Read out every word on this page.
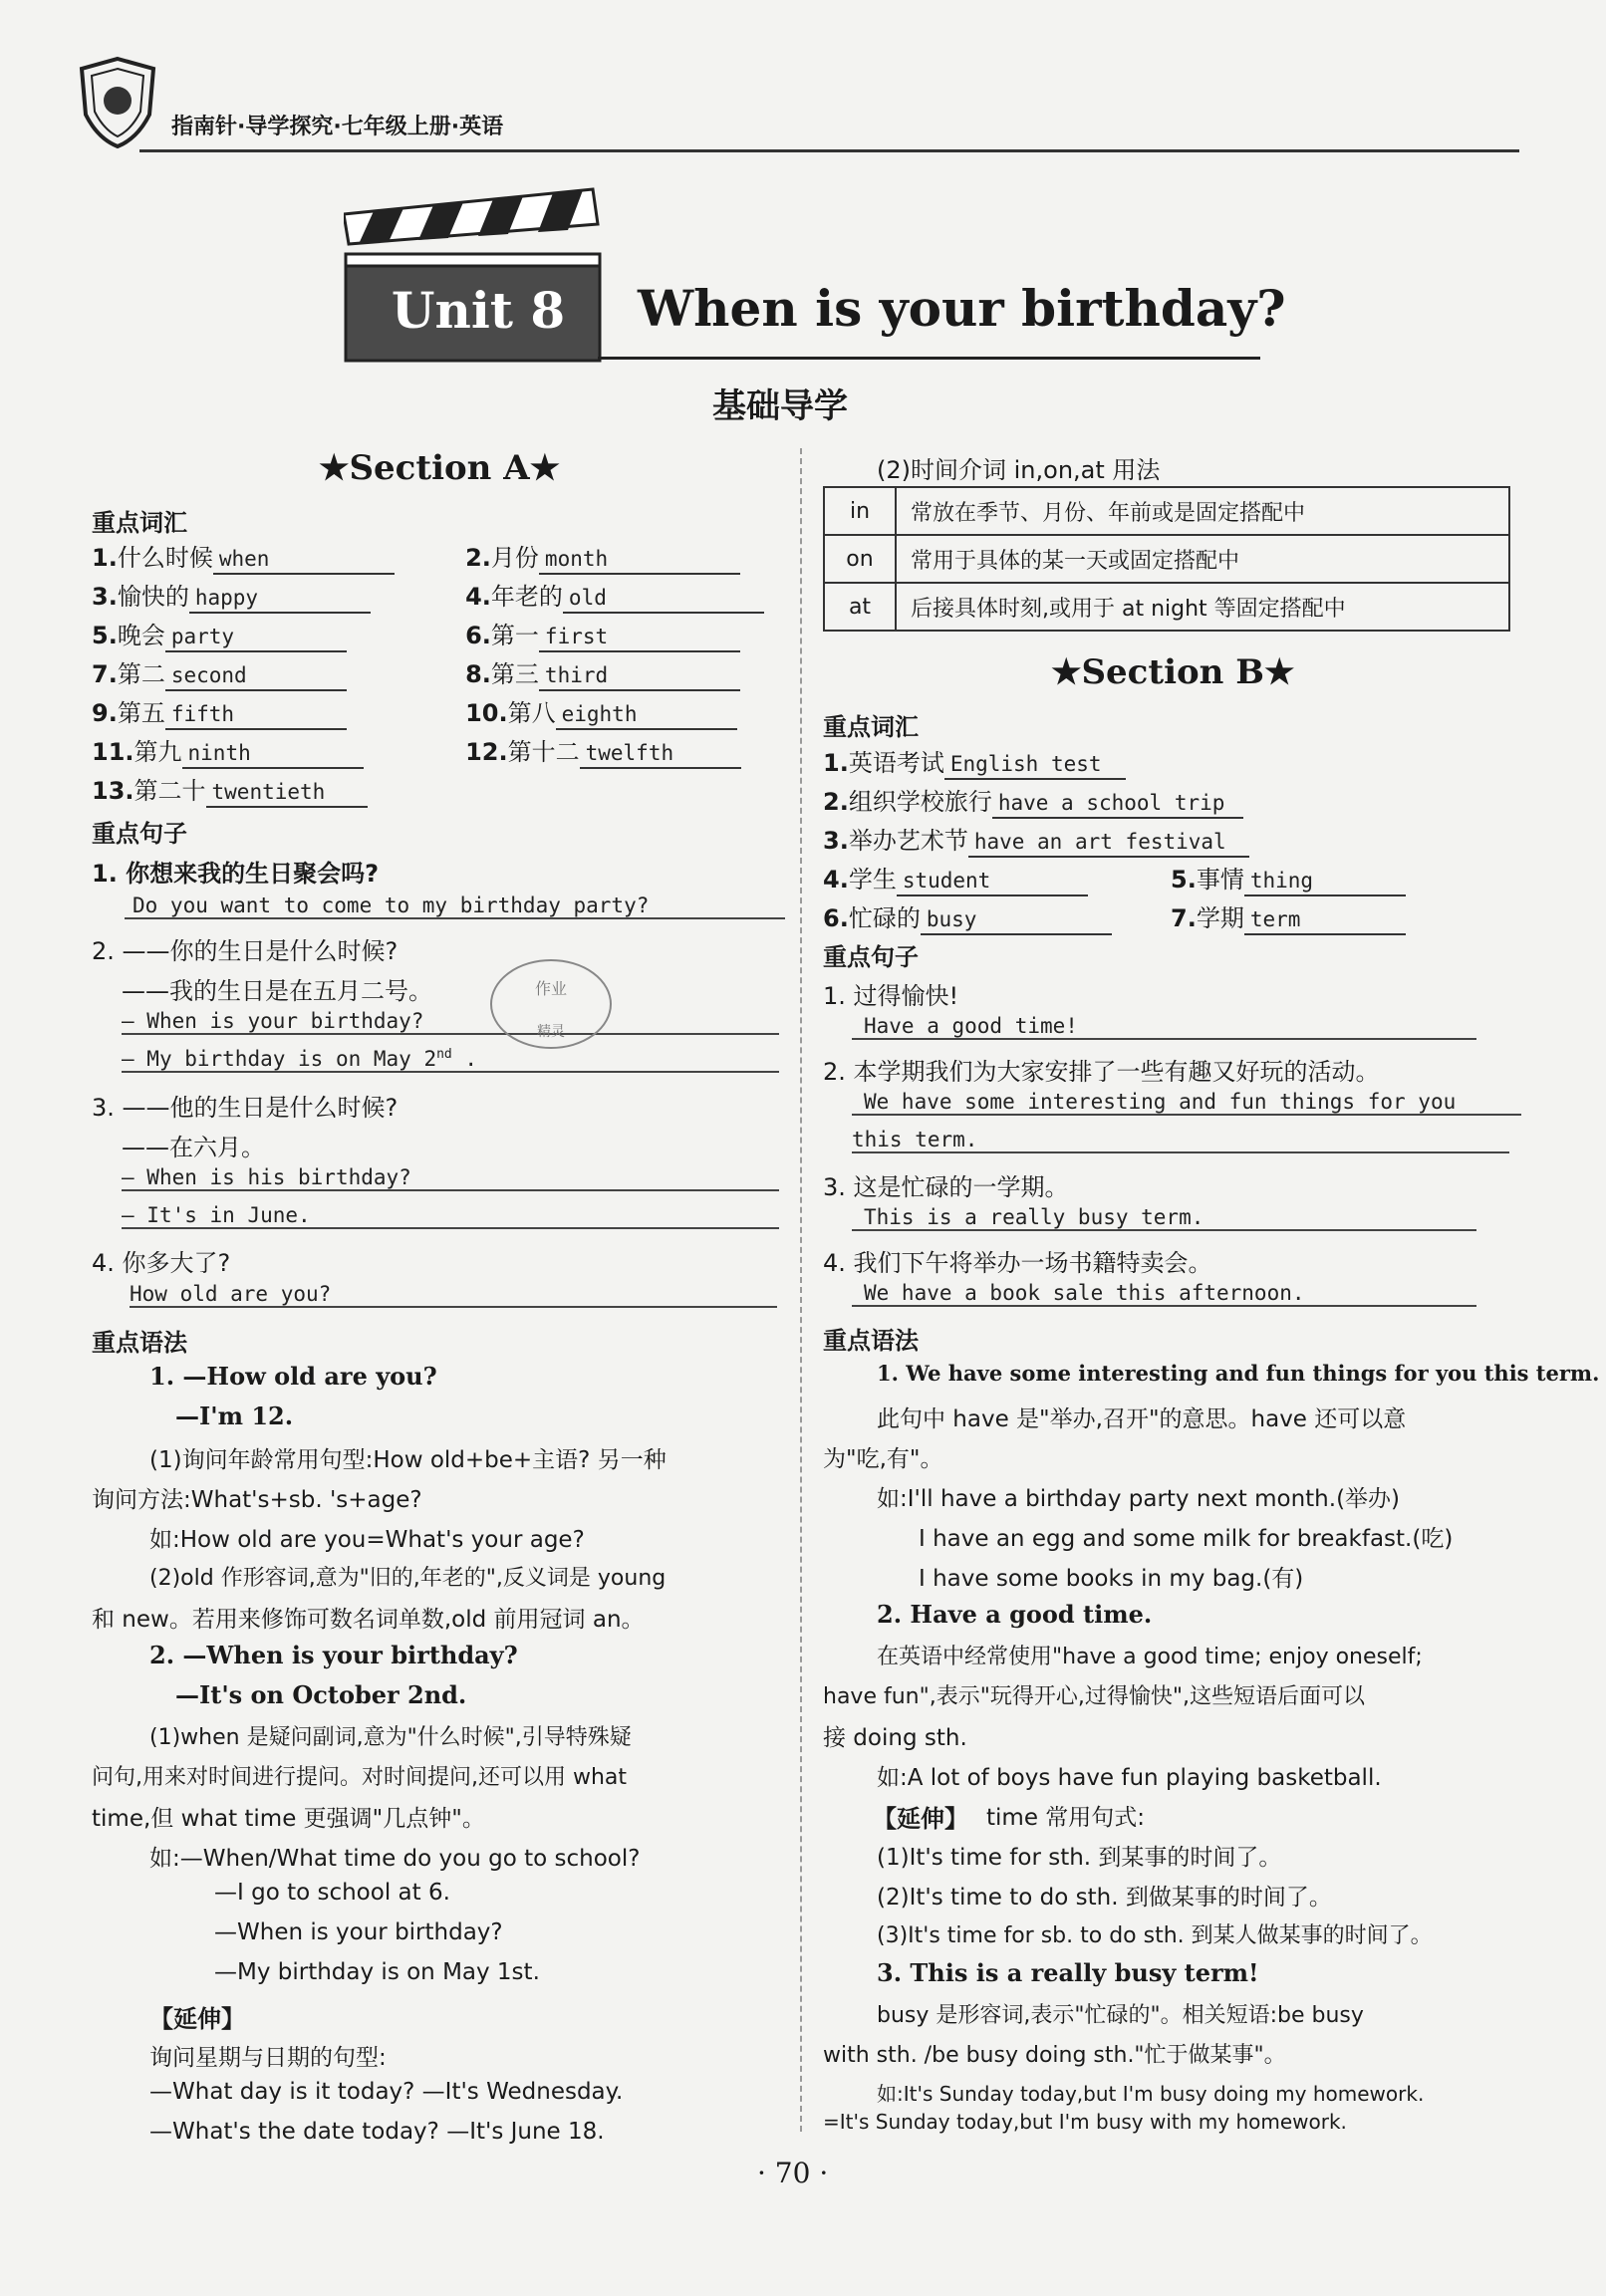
指南针·导学探究·七年级上册·英语
Unit 8	When is your birthday?
基础导学
★Section A★
重点词汇
1.什么时候 when	2.月份 month
3.愉快的 happy	4.年老的 old
5.晚会 party	6.第一 first
7.第二 second	8.第三 third
9.第五 fifth	10.第八 eighth
11.第九 ninth	12.第十二 twelfth
13.第二十 twentieth
重点句子
1. 你想来我的生日聚会吗?
Do you want to come to my birthday party?
2. ——你的生日是什么时候?
——我的生日是在五月二号。
— When is your birthday?
— My birthday is on May 2nd .
3. ——他的生日是什么时候?
——在六月。
— When is his birthday?
— It's in June.
4. 你多大了?
How old are you?
重点语法
1. —How old are you?
—I'm 12.
(1)询问年龄常用句型:How old+be+主语? 另一种
询问方法:What's+sb. 's+age?
如:How old are you=What's your age?
(2)old 作形容词,意为"旧的,年老的",反义词是 young
和 new。若用来修饰可数名词单数,old 前用冠词 an。
2. —When is your birthday?
—It's on October 2nd.
(1)when 是疑问副词,意为"什么时候",引导特殊疑
问句,用来对时间进行提问。对时间提问,还可以用 what
time,但 what time 更强调"几点钟"。
如:—When/What time do you go to school?
—I go to school at 6.
—When is your birthday?
—My birthday is on May 1st.
【延伸】
询问星期与日期的句型:
—What day is it today? —It's Wednesday.
—What's the date today? —It's June 18.
作业
精灵
(2)时间介词 in,on,at 用法
in	常放在季节、月份、年前或是固定搭配中
on	常用于具体的某一天或固定搭配中
at	后接具体时刻,或用于 at night 等固定搭配中
★Section B★
重点词汇
1.英语考试 English test
2.组织学校旅行 have a school trip
3.举办艺术节 have an art festival
4.学生 student	5.事情 thing
6.忙碌的 busy	7.学期 term
重点句子
1. 过得愉快!
Have a good time!
2. 本学期我们为大家安排了一些有趣又好玩的活动。
We have some interesting and fun things for you
this term.
3. 这是忙碌的一学期。
This is a really busy term.
4. 我们下午将举办一场书籍特卖会。
We have a book sale this afternoon.
重点语法
1. We have some interesting and fun things for you this term.
此句中 have 是"举办,召开"的意思。have 还可以意
为"吃,有"。
如:I'll have a birthday party next month.(举办)
I have an egg and some milk for breakfast.(吃)
I have some books in my bag.(有)
2. Have a good time.
在英语中经常使用"have a good time; enjoy oneself;
have fun",表示"玩得开心,过得愉快",这些短语后面可以
接 doing sth.
如:A lot of boys have fun playing basketball.
【延伸】 time 常用句式:
(1)It's time for sth. 到某事的时间了。
(2)It's time to do sth. 到做某事的时间了。
(3)It's time for sb. to do sth. 到某人做某事的时间了。
3. This is a really busy term!
busy 是形容词,表示"忙碌的"。相关短语:be busy
with sth. /be busy doing sth."忙于做某事"。
如:It's Sunday today,but I'm busy doing my homework.
=It's Sunday today,but I'm busy with my homework.
· 70 ·
